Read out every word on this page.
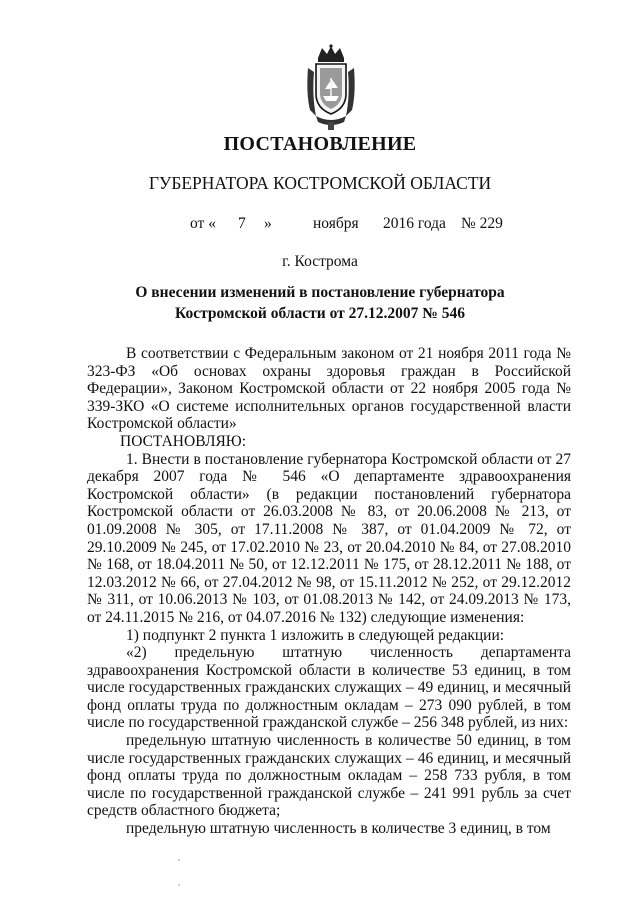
ПОСТАНОВЛЕНИЕ
ГУБЕРНАТОРА КОСТРОМСКОЙ ОБЛАСТИ
от « 7 »	ноября 2016 года № 229
г. Кострома
О внесении изменений в постановление губернатора
Костромской области от 27.12.2007 № 546

В соответствии с Федеральным законом от 21 ноября 2011 года № 323-ФЗ «Об основах охраны здоровья граждан в Российской Федерации», Законом Костромской области от 22 ноября 2005 года № 339-ЗКО «О системе исполнительных органов государственной власти Костромской области»

ПОСТАНОВЛЯЮ:

1. Внести в постановление губернатора Костромской области от 27 декабря 2007 года № 546 «О департаменте здравоохранения Костромской области» (в редакции постановлений губернатора Костромской области от 26.03.2008 № 83, от 20.06.2008 № 213, от 01.09.2008 № 305, от 17.11.2008 № 387, от 01.04.2009 № 72, от 29.10.2009 № 245, от 17.02.2010 № 23, от 20.04.2010 № 84, от 27.08.2010 № 168, от 18.04.2011 № 50, от 12.12.2011 № 175, от 28.12.2011 № 188, от 12.03.2012 № 66, от 27.04.2012 № 98, от 15.11.2012 № 252, от 29.12.2012 № 311, от 10.06.2013 № 103, от 01.08.2013 № 142, от 24.09.2013 № 173, от 24.11.2015 № 216, от 04.07.2016 № 132) следующие изменения:

1) подпункт 2 пункта 1 изложить в следующей редакции:

«2) предельную штатную численность департамента здравоохранения Костромской области в количестве 53 единиц, в том числе государственных гражданских служащих – 49 единиц, и месячный фонд оплаты труда по должностным окладам – 273 090 рублей, в том числе по государственной гражданской службе – 256 348 рублей, из них:

предельную штатную численность в количестве 50 единиц, в том числе государственных гражданских служащих – 46 единиц, и месячный фонд оплаты труда по должностным окладам – 258 733 рубля, в том числе по государственной гражданской службе – 241 991 рубль за счет средств областного бюджета;

предельную штатную численность в количестве 3 единиц, в том
